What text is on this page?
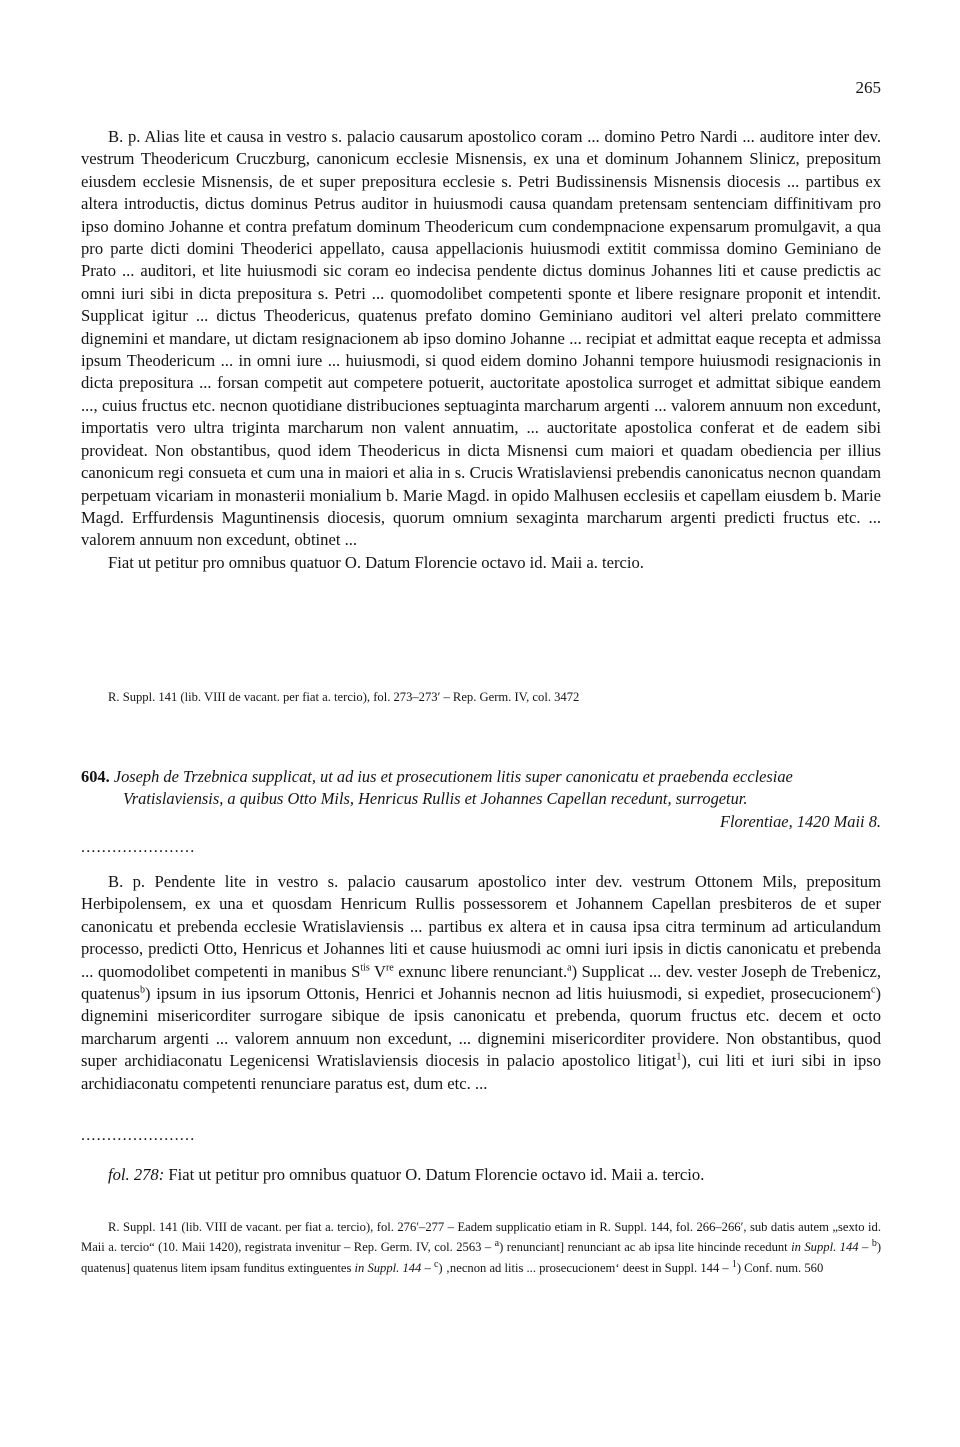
265

B. p. Alias lite et causa in vestro s. palacio causarum apostolico coram ... domino Petro Nardi ... auditore inter dev. vestrum Theodericum Cruczburg, canonicum ecclesie Misnensis, ex una et dominum Johannem Slinicz, prepositum eiusdem ecclesie Misnensis, de et super prepositura ecclesie s. Petri Budissinensis Misnensis diocesis ... partibus ex altera introductis, dictus dominus Petrus auditor in huiusmodi causa quandam pretensam sentenciam diffinitivam pro ipso domino Johanne et contra prefatum dominum Theodericum cum condempnacione expensarum promulgavit, a qua pro parte dicti domini Theoderici appellato, causa appellacionis huiusmodi extitit commissa domino Geminiano de Prato ... auditori, et lite huiusmodi sic coram eo indecisa pendente dictus dominus Johannes liti et cause predictis ac omni iuri sibi in dicta prepositura s. Petri ... quomodolibet competenti sponte et libere resignare proponit et intendit. Supplicat igitur ... dictus Theodericus, quatenus prefato domino Geminiano auditori vel alteri prelato committere dignemini et mandare, ut dictam resignacionem ab ipso domino Johanne ... recipiat et admittat eaque recepta et admissa ipsum Theodericum ... in omni iure ... huiusmodi, si quod eidem domino Johanni tempore huiusmodi resignacionis in dicta prepositura ... forsan competit aut competere potuerit, auctoritate apostolica surroget et admittat sibique eandem ..., cuius fructus etc. necnon quotidiane distribuciones septuaginta marcharum argenti ... valorem annuum non excedunt, importatis vero ultra triginta marcharum non valent annuatim, ... auctoritate apostolica conferat et de eadem sibi provideat. Non obstantibus, quod idem Theodericus in dicta Misnensi cum maiori et quadam obediencia per illius canonicum regi consueta et cum una in maiori et alia in s. Crucis Wratislaviensi prebendis canonicatus necnon quandam perpetuam vicariam in monasterii monialium b. Marie Magd. in opido Malhusen ecclesiis et capellam eiusdem b. Marie Magd. Erffurdensis Maguntinensis diocesis, quorum omnium sexaginta marcharum argenti predicti fructus etc. ... valorem annuum non excedunt, obtinet ...

Fiat ut petitur pro omnibus quatuor O. Datum Florencie octavo id. Maii a. tercio.

R. Suppl. 141 (lib. VIII de vacant. per fiat a. tercio), fol. 273–273′ – Rep. Germ. IV, col. 3472
604. Joseph de Trzebnica supplicat, ut ad ius et prosecutionem litis super canonicatu et praebenda ecclesiae
Vratislaviensis, a quibus Otto Mils, Henricus Rullis et Johannes Capellan recedunt, surrogetur.
Florentiae, 1420 Maii 8.
......................

B. p. Pendente lite in vestro s. palacio causarum apostolico inter dev. vestrum Ottonem Mils, prepositum Herbipolensem, ex una et quosdam Henricum Rullis possessorem et Johannem Capellan presbiteros de et super canonicatu et prebenda ecclesie Wratislaviensis ... partibus ex altera et in causa ipsa citra terminum ad articulandum processo, predicti Otto, Henricus et Johannes liti et cause huiusmodi ac omni iuri ipsis in dictis canonicatu et prebenda ... quomodolibet competenti in manibus $S^{tis}$ Vre exnunc libere renunciant.$^a$) Supplicat ... dev. vester Joseph de Trebenicz, quatenus$^b$) ipsum in ius ipsorum Ottonis, Henrici et Johannis necnon ad litis huiusmodi, si expediet, prosecucionem$^c$) dignemini misericorditer surrogare sibique de ipsis canonicatu et prebenda, quorum fructus etc. decem et octo marcharum argenti ... valorem annuum non excedunt, ... dignemini misericorditer providere. Non obstantibus, quod super archidiaconatu Legenicensi Wratislaviensis diocesis in palacio apostolico litigat$^1$), cui liti et iuri sibi in ipso archidiaconatu competenti renunciare paratus est, dum etc. ...

......................
fol. 278: Fiat ut petitur pro omnibus quatuor O. Datum Florencie octavo id. Maii a. tercio.

R. Suppl. 141 (lib. VIII de vacant. per fiat a. tercio), fol. 276′–277 – Eadem supplicatio etiam in R. Suppl. 144, fol. 266–266′, sub datis autem „sexto id. Maii a. tercio“ (10. Maii 1420), registrata invenitur – Rep. Germ. IV, col. 2563 – $^a$) renunciant] renunciant ac ab ipsa lite hincinde recedunt in Suppl. 144 – $^b$) quatenus] quatenus litem ipsam funditus extinguentes in Suppl. 144 – $^c$) ‚necnon ad litis ... prosecucionem‘ deest in Suppl. 144 – $^1$) Conf. num. 560
